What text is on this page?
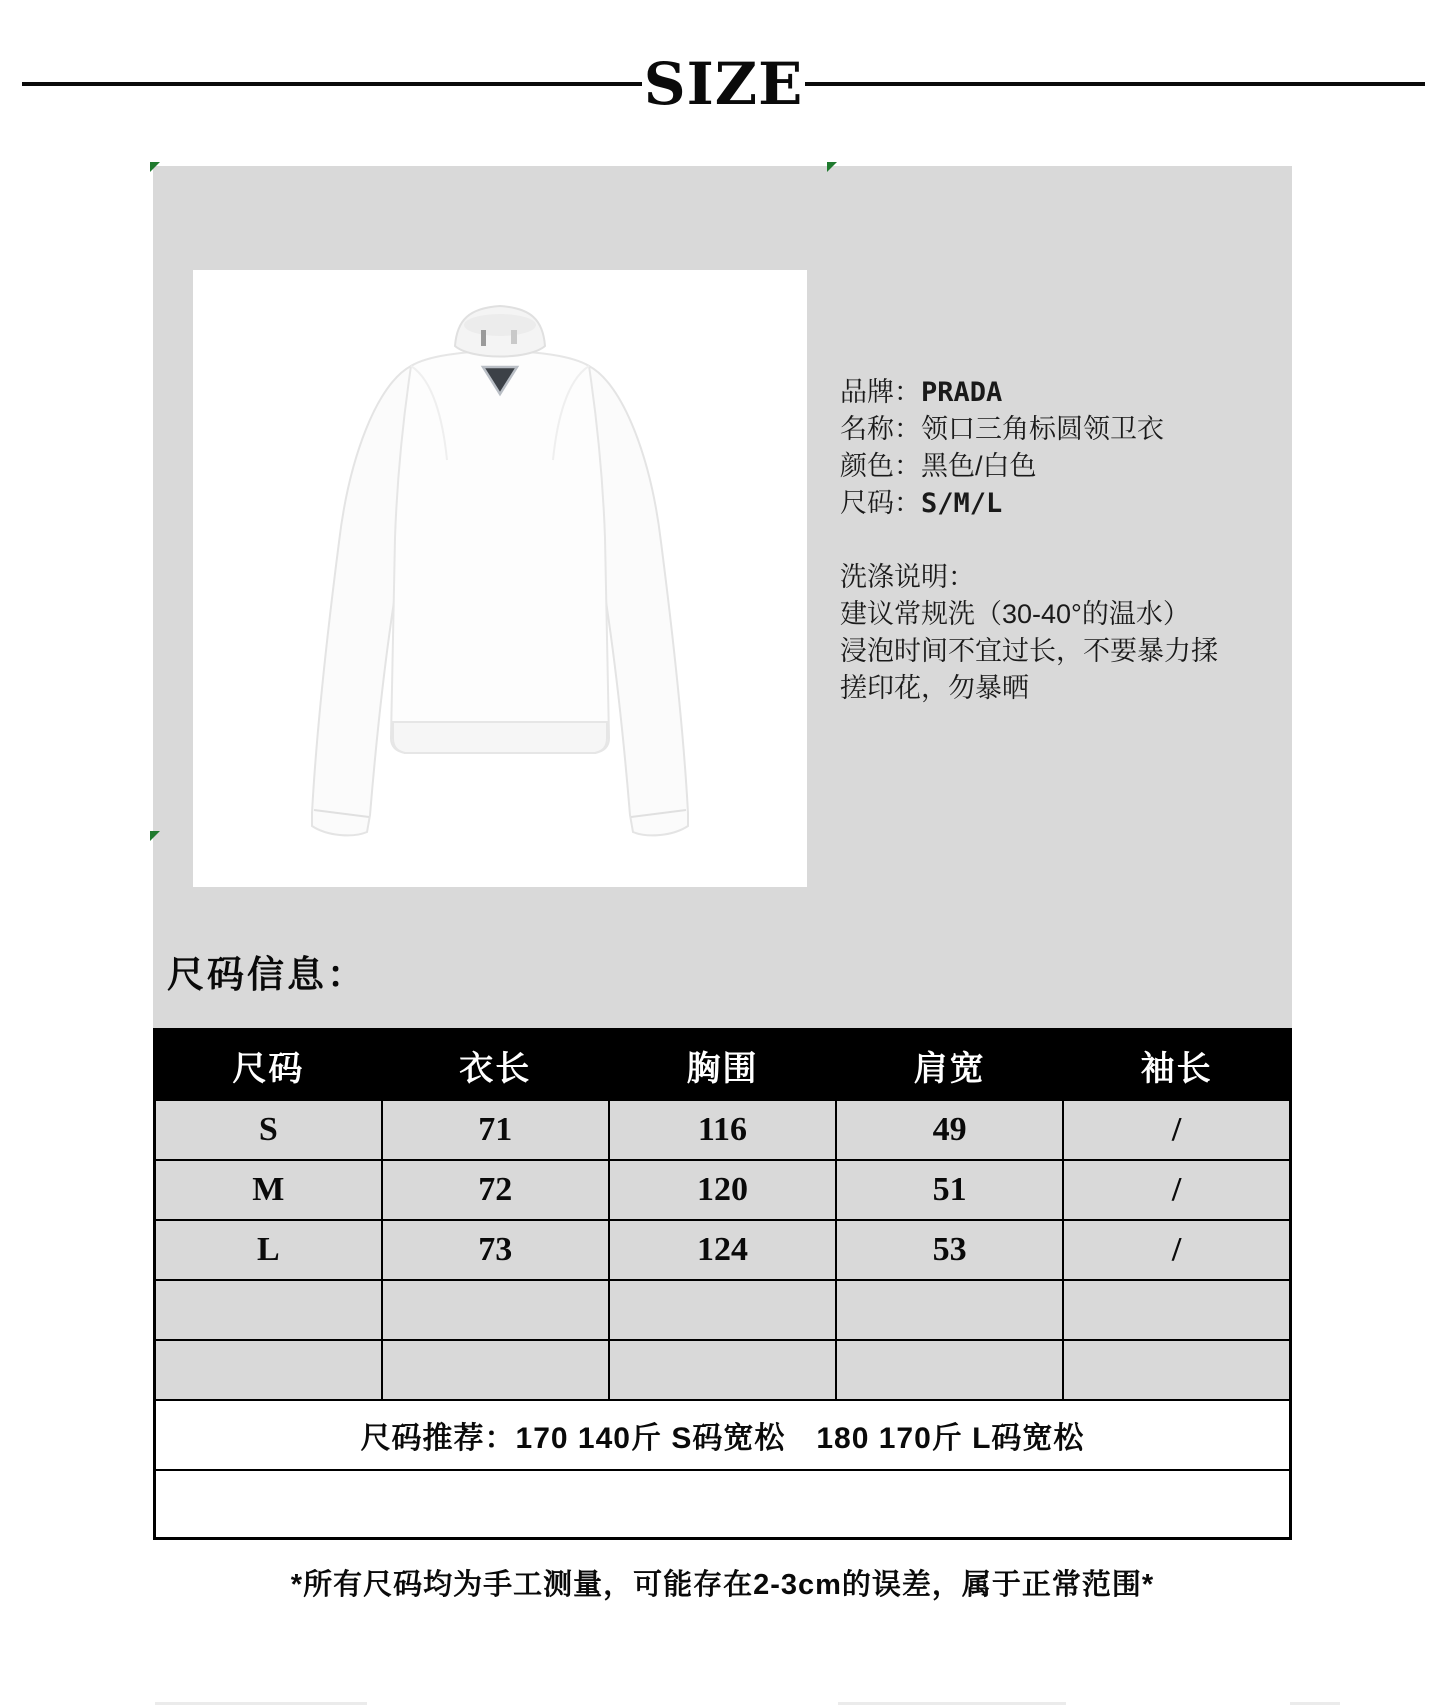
SIZE
品牌：PRADA
名称：领口三角标圆领卫衣
颜色：黑色/白色
尺码：S/M/L
洗涤说明：
建议常规洗（30-40°的温水）
浸泡时间不宜过长，不要暴力揉
搓印花，勿暴晒
尺码信息：
尺码	衣长	胸围	肩宽	袖长
S	71	116	49	/
M	72	120	51	/
L	73	124	53	/

尺码推荐：170 140斤 S码宽松　180 170斤 L码宽松				

*所有尺码均为手工测量，可能存在2-3cm的误差，属于正常范围*
